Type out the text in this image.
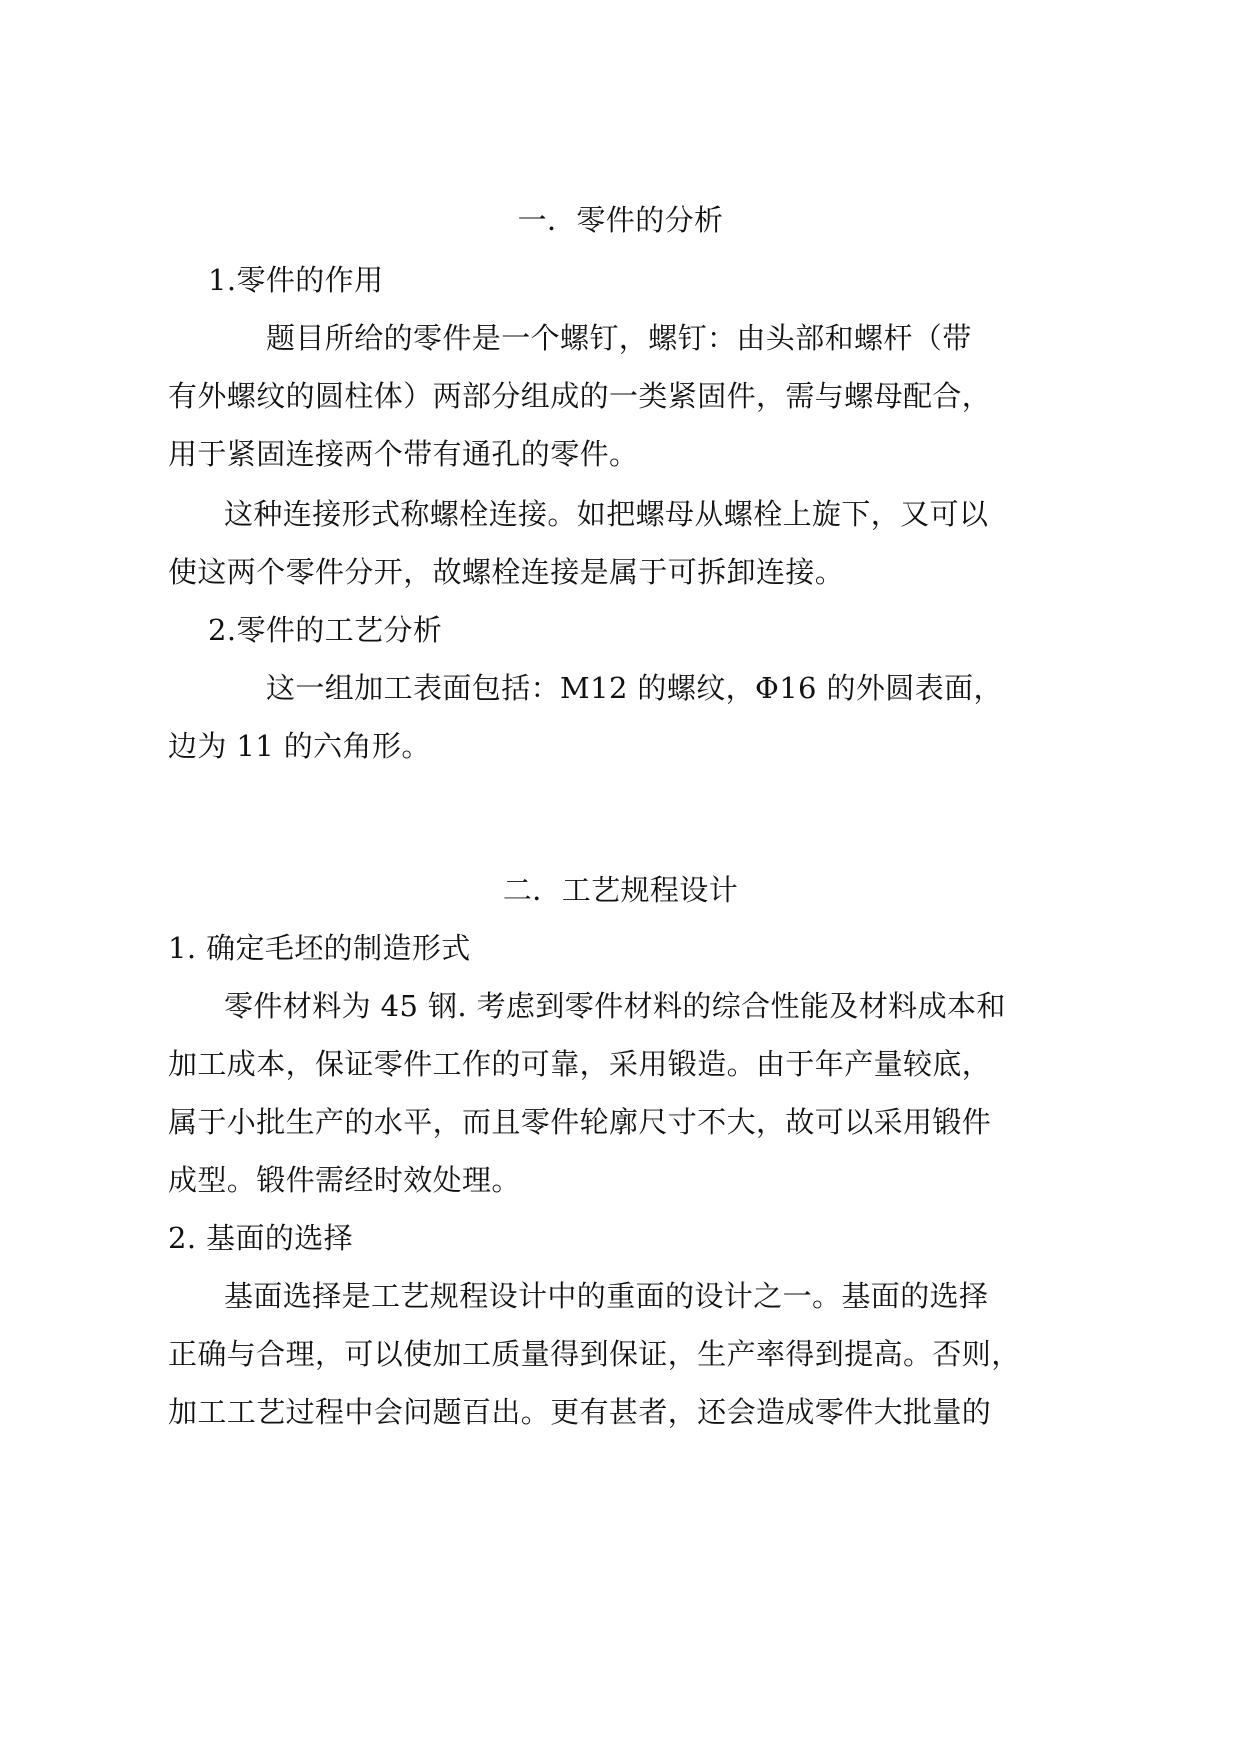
一．零件的分析
1.零件的作用
题目所给的零件是一个螺钉，螺钉：由头部和螺杆（带
有外螺纹的圆柱体）两部分组成的一类紧固件，需与螺母配合，
用于紧固连接两个带有通孔的零件。
这种连接形式称螺栓连接。如把螺母从螺栓上旋下，又可以
使这两个零件分开，故螺栓连接是属于可拆卸连接。
2.零件的工艺分析
这一组加工表面包括：M12 的螺纹，Φ16 的外圆表面，
边为 11 的六角形。
二．工艺规程设计
1. 确定毛坯的制造形式
零件材料为 45 钢. 考虑到零件材料的综合性能及材料成本和
加工成本，保证零件工作的可靠，采用锻造。由于年产量较底，
属于小批生产的水平，而且零件轮廓尺寸不大，故可以采用锻件
成型。锻件需经时效处理。
2. 基面的选择
基面选择是工艺规程设计中的重面的设计之一。基面的选择
正确与合理，可以使加工质量得到保证，生产率得到提高。否则，
加工工艺过程中会问题百出。更有甚者，还会造成零件大批量的
